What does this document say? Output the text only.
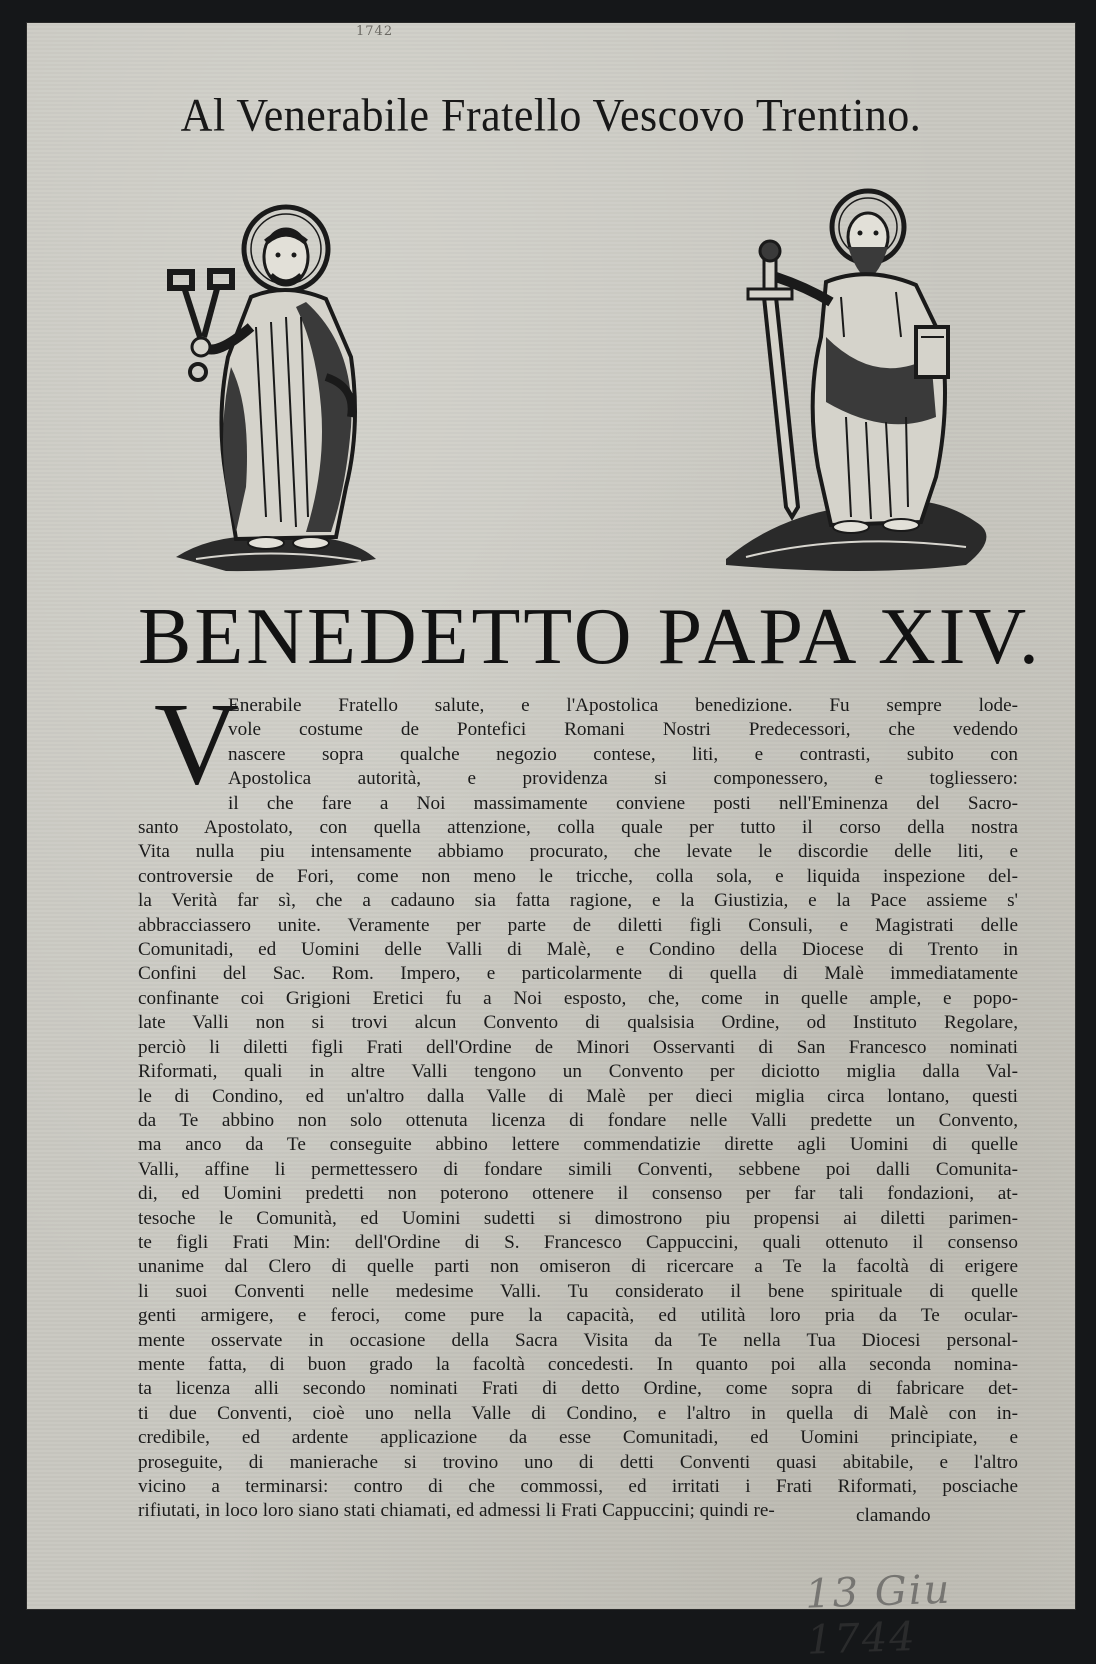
1742
Al Venerabile Fratello Vescovo Trentino.
BENEDETTO PAPA XIV.
V
Enerabile Fratello salute, e l'Apostolica benedizione. Fu sempre lode-
vole costume de Pontefici Romani Nostri Predecessori, che vedendo
nascere sopra qualche negozio contese, liti, e contrasti, subito con
Apostolica autorità, e providenza si componessero, e togliessero:
il che fare a Noi massimamente conviene posti nell'Eminenza del Sacro-
santo Apostolato, con quella attenzione, colla quale per tutto il corso della nostra
Vita nulla piu intensamente abbiamo procurato, che levate le discordie delle liti, e
controversie de Fori, come non meno le tricche, colla sola, e liquida inspezione del-
la Verità far sì, che a cadauno sia fatta ragione, e la Giustizia, e la Pace assieme s'
abbracciassero unite. Veramente per parte de diletti figli Consuli, e Magistrati delle
Comunitadi, ed Uomini delle Valli di Malè, e Condino della Diocese di Trento in
Confini del Sac. Rom. Impero, e particolarmente di quella di Malè immediatamente
confinante coi Grigioni Eretici fu a Noi esposto, che, come in quelle ample, e popo-
late Valli non si trovi alcun Convento di qualsisia Ordine, od Instituto Regolare,
perciò li diletti figli Frati dell'Ordine de Minori Osservanti di San Francesco nominati
Riformati, quali in altre Valli tengono un Convento per diciotto miglia dalla Val-
le di Condino, ed un'altro dalla Valle di Malè per dieci miglia circa lontano, questi
da Te abbino non solo ottenuta licenza di fondare nelle Valli predette un Convento,
ma anco da Te conseguite abbino lettere commendatizie dirette agli Uomini di quelle
Valli, affine li permettessero di fondare simili Conventi, sebbene poi dalli Comunita-
di, ed Uomini predetti non poterono ottenere il consenso per far tali fondazioni, at-
tesoche le Comunità, ed Uomini sudetti si dimostrono piu propensi ai diletti parimen-
te figli Frati Min: dell'Ordine di S. Francesco Cappuccini, quali ottenuto il consenso
unanime dal Clero di quelle parti non omiseron di ricercare a Te la facoltà di erigere
li suoi Conventi nelle medesime Valli. Tu considerato il bene spirituale di quelle
genti armigere, e feroci, come pure la capacità, ed utilità loro pria da Te ocular-
mente osservate in occasione della Sacra Visita da Te nella Tua Diocesi personal-
mente fatta, di buon grado la facoltà concedesti. In quanto poi alla seconda nomina-
ta licenza alli secondo nominati Frati di detto Ordine, come sopra di fabricare det-
ti due Conventi, cioè uno nella Valle di Condino, e l'altro in quella di Malè con in-
credibile, ed ardente applicazione da esse Comunitadi, ed Uomini principiate, e
proseguite, di manierache si trovino uno di detti Conventi quasi abitabile, e l'altro
vicino a terminarsi: contro di che commossi, ed irritati i Frati Riformati, posciache
rifiutati, in loco loro siano stati chiamati, ed admessi li Frati Cappuccini; quindi re-	clamando
13 Giu 1744
